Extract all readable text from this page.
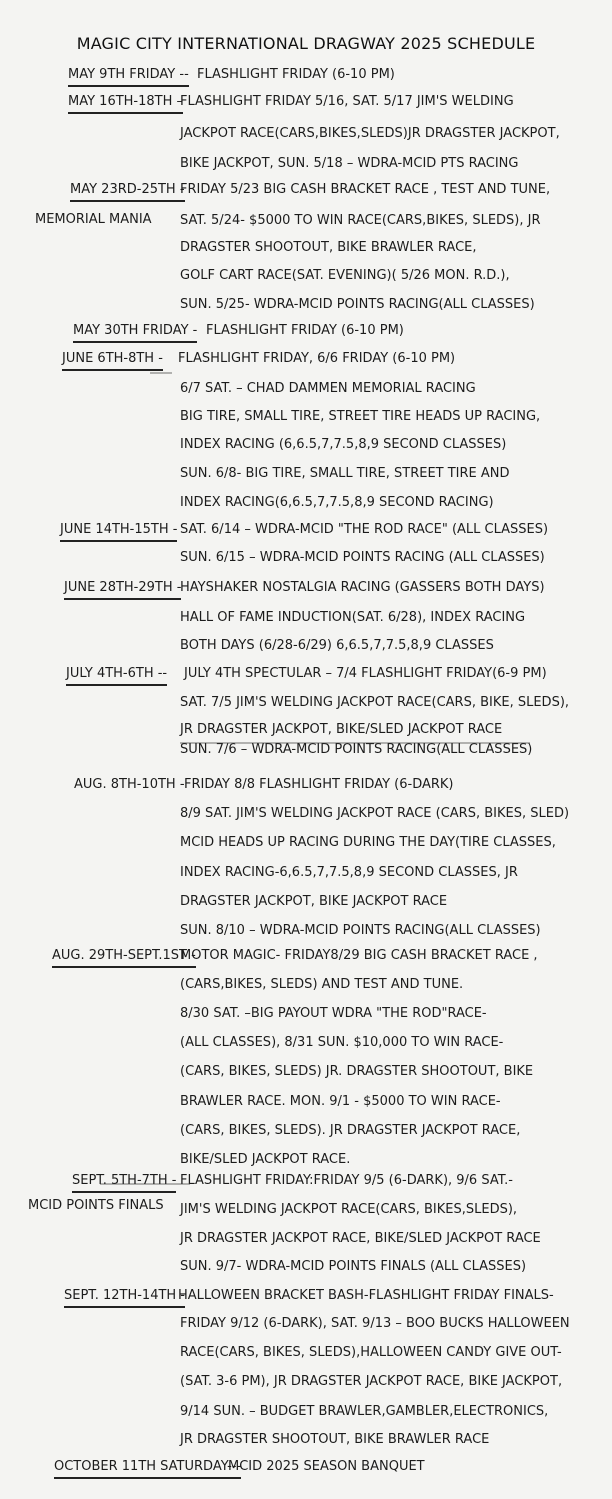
MAGIC CITY INTERNATIONAL DRAGWAY 2025 SCHEDULE
MAY 9TH FRIDAY -- FLASHLIGHT FRIDAY (6-10 PM)
MAY 16TH-18TH –
FLASHLIGHT FRIDAY 5/16, SAT. 5/17 JIM'S WELDING
JACKPOT RACE(CARS,BIKES,SLEDS)JR DRAGSTER JACKPOT,
BIKE JACKPOT, SUN. 5/18 – WDRA-MCID PTS RACING
MAY 23RD-25TH -
MEMORIAL MANIA
FRIDAY 5/23 BIG CASH BRACKET RACE , TEST AND TUNE,
SAT. 5/24- $5000 TO WIN RACE(CARS,BIKES, SLEDS), JR
DRAGSTER SHOOTOUT, BIKE BRAWLER RACE,
GOLF CART RACE(SAT. EVENING)( 5/26 MON. R.D.),
SUN. 5/25- WDRA-MCID POINTS RACING(ALL CLASSES)
MAY 30TH FRIDAY - FLASHLIGHT FRIDAY (6-10 PM)
JUNE 6TH-8TH - FLASHLIGHT FRIDAY, 6/6 FRIDAY (6-10 PM)
6/7 SAT. – CHAD DAMMEN MEMORIAL RACING
BIG TIRE, SMALL TIRE, STREET TIRE HEADS UP RACING,
INDEX RACING (6,6.5,7,7.5,8,9 SECOND CLASSES)
SUN. 6/8- BIG TIRE, SMALL TIRE, STREET TIRE AND
INDEX RACING(6,6.5,7,7.5,8,9 SECOND RACING)
JUNE 14TH-15TH - SAT. 6/14 – WDRA-MCID "THE ROD RACE" (ALL CLASSES)
SUN. 6/15 – WDRA-MCID POINTS RACING (ALL CLASSES)
JUNE 28TH-29TH -
HAYSHAKER NOSTALGIA RACING (GASSERS BOTH DAYS)
HALL OF FAME INDUCTION(SAT. 6/28), INDEX RACING
BOTH DAYS (6/28-6/29) 6,6.5,7,7.5,8,9 CLASSES
JULY 4TH-6TH -- JULY 4TH SPECTULAR – 7/4 FLASHLIGHT FRIDAY(6-9 PM)
SAT. 7/5 JIM'S WELDING JACKPOT RACE(CARS, BIKE, SLEDS),
JR DRAGSTER JACKPOT, BIKE/SLED JACKPOT RACE
SUN. 7/6 – WDRA-MCID POINTS RACING(ALL CLASSES)
AUG. 8TH-10TH - FRIDAY 8/8 FLASHLIGHT FRIDAY (6-DARK)
8/9 SAT. JIM'S WELDING JACKPOT RACE (CARS, BIKES, SLED)
MCID HEADS UP RACING DURING THE DAY(TIRE CLASSES,
INDEX RACING-6,6.5,7,7.5,8,9 SECOND CLASSES, JR
DRAGSTER JACKPOT, BIKE JACKPOT RACE
SUN. 8/10 – WDRA-MCID POINTS RACING(ALL CLASSES)
AUG. 29TH-SEPT.1ST -
MOTOR MAGIC- FRIDAY8/29 BIG CASH BRACKET RACE ,
(CARS,BIKES, SLEDS) AND TEST AND TUNE.
8/30 SAT. –BIG PAYOUT WDRA "THE ROD"RACE-
(ALL CLASSES), 8/31 SUN. $10,000 TO WIN RACE-
(CARS, BIKES, SLEDS) JR. DRAGSTER SHOOTOUT, BIKE
BRAWLER RACE. MON. 9/1 - $5000 TO WIN RACE-
(CARS, BIKES, SLEDS). JR DRAGSTER JACKPOT RACE,
BIKE/SLED JACKPOT RACE.
SEPT. 5TH-7TH -
MCID POINTS FINALS
FLASHLIGHT FRIDAY:FRIDAY 9/5 (6-DARK), 9/6 SAT.-
JIM'S WELDING JACKPOT RACE(CARS, BIKES,SLEDS),
JR DRAGSTER JACKPOT RACE, BIKE/SLED JACKPOT RACE
SUN. 9/7- WDRA-MCID POINTS FINALS (ALL CLASSES)
SEPT. 12TH-14TH -
HALLOWEEN BRACKET BASH-FLASHLIGHT FRIDAY FINALS-
FRIDAY 9/12 (6-DARK), SAT. 9/13 – BOO BUCKS HALLOWEEN
RACE(CARS, BIKES, SLEDS),HALLOWEEN CANDY GIVE OUT-
(SAT. 3-6 PM), JR DRAGSTER JACKPOT RACE, BIKE JACKPOT,
9/14 SUN. – BUDGET BRAWLER,GAMBLER,ELECTRONICS,
JR DRAGSTER SHOOTOUT, BIKE BRAWLER RACE
OCTOBER 11TH SATURDAY---
MCID 2025 SEASON BANQUET
